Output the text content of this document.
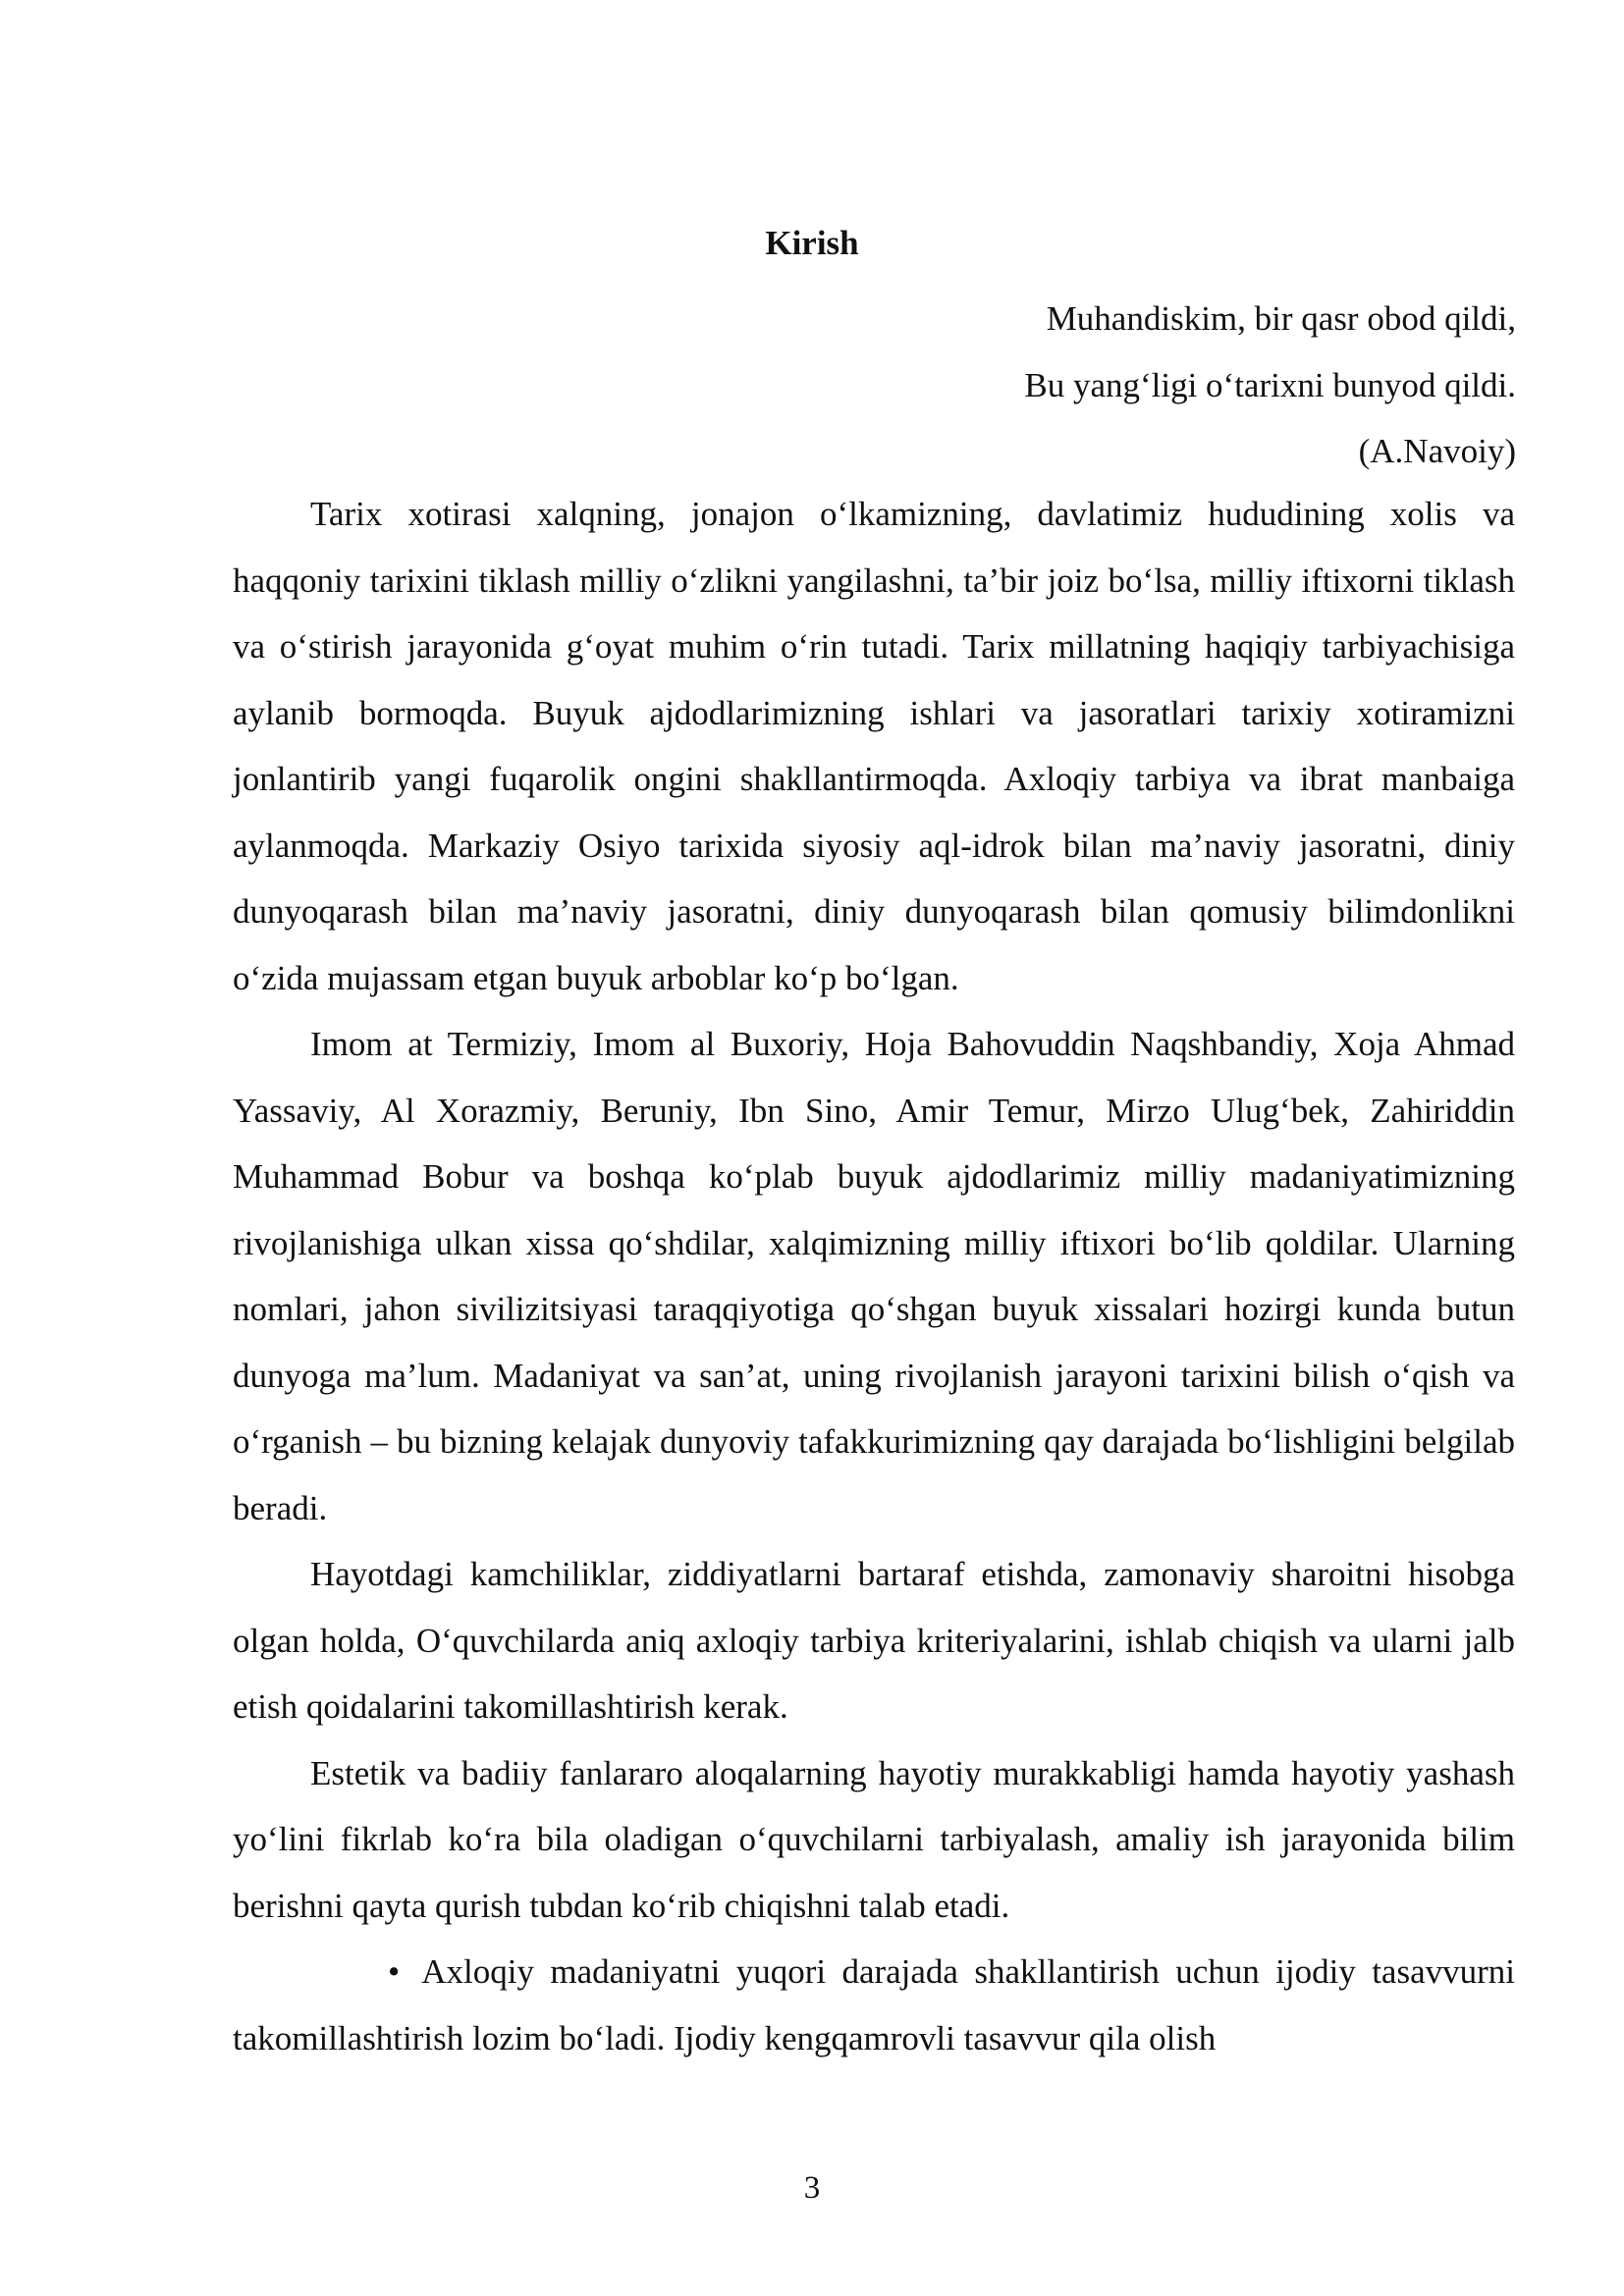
Kirish
Muhandiskim, bir qasr obod qildi,
Bu yang‘ligi o‘tarixni bunyod qildi.
(A.Navoiy)

Tarix xotirasi xalqning, jonajon o‘lkamizning, davlatimiz hududining xolis va haqqoniy tarixini tiklash milliy o‘zlikni yangilashni, ta’bir joiz bo‘lsa, milliy iftixorni tiklash va o‘stirish jarayonida g‘oyat muhim o‘rin tutadi. Tarix millatning haqiqiy tarbiyachisiga aylanib bormoqda. Buyuk ajdodlarimizning ishlari va jasoratlari tarixiy xotiramizni jonlantirib yangi fuqarolik ongini shakllantirmoqda. Axloqiy tarbiya va ibrat manbaiga aylanmoqda. Markaziy Osiyo tarixida siyosiy aql-idrok bilan ma’naviy jasoratni, diniy dunyoqarash bilan ma’naviy jasoratni, diniy dunyoqarash bilan qomusiy bilimdonlikni o‘zida mujassam etgan buyuk arboblar ko‘p bo‘lgan.

Imom at Termiziy, Imom al Buxoriy, Hoja Bahovuddin Naqshbandiy, Xoja Ahmad Yassaviy, Al Xorazmiy, Beruniy, Ibn Sino, Amir Temur, Mirzo Ulug‘bek, Zahiriddin Muhammad Bobur va boshqa ko‘plab buyuk ajdodlarimiz milliy madaniyatimizning rivojlanishiga ulkan xissa qo‘shdilar, xalqimizning milliy iftixori bo‘lib qoldilar. Ularning nomlari, jahon sivilizitsiyasi taraqqiyotiga qo‘shgan buyuk xissalari hozirgi kunda butun dunyoga ma’lum. Madaniyat va san’at, uning rivojlanish jarayoni tarixini bilish o‘qish va o‘rganish – bu bizning kelajak dunyoviy tafakkurimizning qay darajada bo‘lishligini belgilab beradi.

Hayotdagi kamchiliklar, ziddiyatlarni bartaraf etishda, zamonaviy sharoitni hisobga olgan holda, O‘quvchilarda aniq axloqiy tarbiya kriteriyalarini, ishlab chiqish va ularni jalb etish qoidalarini takomillashtirish kerak.

Estetik va badiiy fanlararo aloqalarning hayotiy murakkabligi hamda hayotiy yashash yo‘lini fikrlab ko‘ra bila oladigan o‘quvchilarni tarbiyalash, amaliy ish jarayonida bilim berishni qayta qurish tubdan ko‘rib chiqishni talab etadi.

• Axloqiy madaniyatni yuqori darajada shakllantirish uchun ijodiy tasavvurni takomillashtirish lozim bo‘ladi. Ijodiy kengqamrovli tasavvur qila olish

3
